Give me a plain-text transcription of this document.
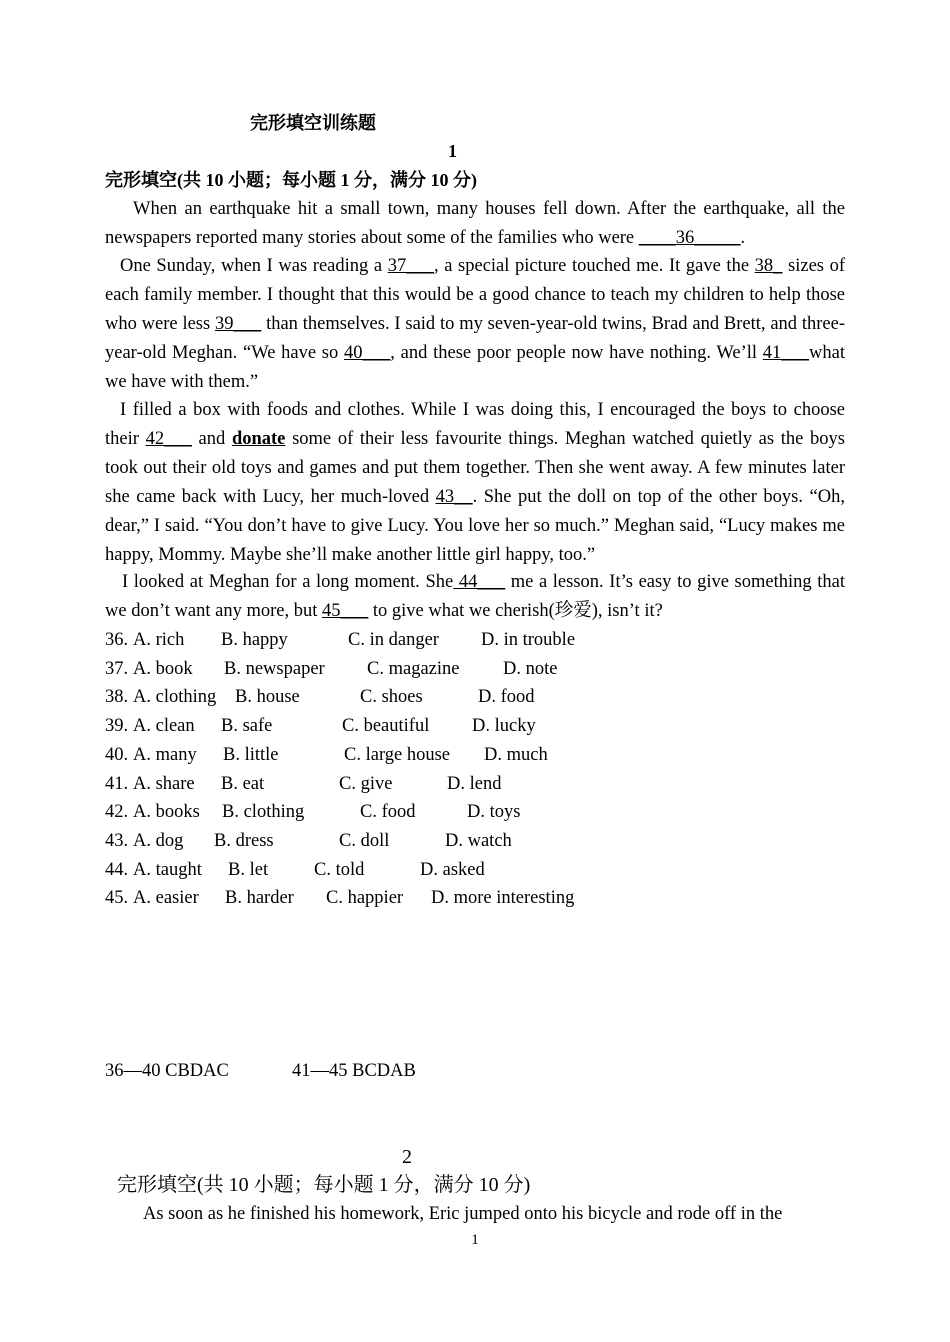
完形填空训练题
1
完形填空(共 10 小题；每小题 1 分，满分 10 分)
When an earthquake hit a small town, many houses fell down. After the earthquake, all the newspapers reported many stories about some of the families who were ____36_____.
One Sunday, when I was reading a 37___, a special picture touched me. It gave the 38_ sizes of each family member. I thought that this would be a good chance to teach my children to help those who were less 39___ than themselves. I said to my seven-year-old twins, Brad and Brett, and three-year-old Meghan. “We have so 40___, and these poor people now have nothing. We’ll 41___what we have with them.”
I filled a box with foods and clothes. While I was doing this, I encouraged the boys to choose their 42___ and donate some of their less favourite things. Meghan watched quietly as the boys took out their old toys and games and put them together. Then she went away. A few minutes later she came back with Lucy, her much-loved 43__. She put the doll on top of the other boys. “Oh, dear,” I said. “You don’t have to give Lucy. You love her so much.” Meghan said, “Lucy makes me happy, Mommy. Maybe she’ll make another little girl happy, too.”
I looked at Meghan for a long moment. She 44___ me a lesson. It’s easy to give something that we don’t want any more, but 45___ to give what we cherish(珍爱), isn’t it?
36. A. rich B. happy	C. in danger D. in trouble
37. A. book B. newspaper C. magazine D. note
38. A. clothing B. house	C. shoes	D. food
39. A. clean B. safe	C. beautiful D. lucky
40. A. many B. little	C. large house D. much
41. A. share B. eat	C. give	D. lend
42. A. books B. clothing	C. food	D. toys
43. A. dog B. dress	C. doll	D. watch
44. A. taught B. let C. told	D. asked
45. A. easier B. harder C. happier D. more interesting
36—40 CBDAC	41—45 BCDAB
2
完形填空(共 10 小题；每小题 1 分，满分 10 分)
As soon as he finished his homework, Eric jumped onto his bicycle and rode off in the
1
